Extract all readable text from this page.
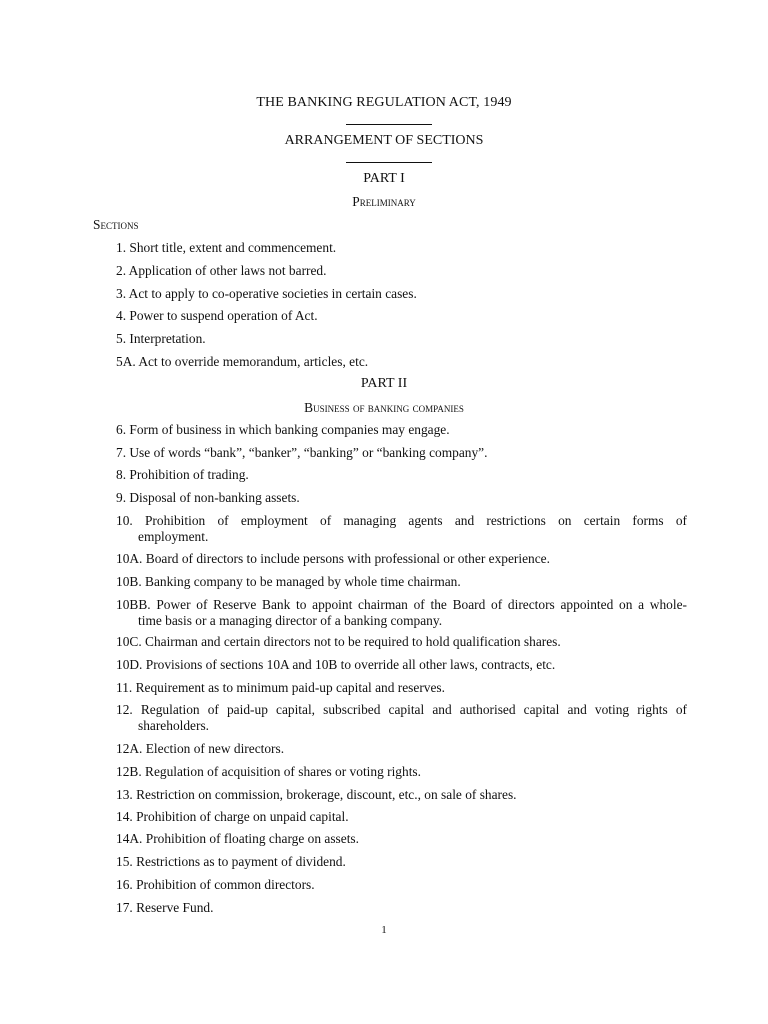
THE BANKING REGULATION ACT, 1949
ARRANGEMENT OF SECTIONS
PART I
Preliminary
Sections
1. Short title, extent and commencement.
2. Application of other laws not barred.
3. Act to apply to co-operative societies in certain cases.
4. Power to suspend operation of Act.
5. Interpretation.
5A. Act to override memorandum, articles, etc.
6. Form of business in which banking companies may engage.
7. Use of words “bank”, “banker”, “banking” or “banking company”.
8. Prohibition of trading.
9. Disposal of non-banking assets.
10. Prohibition of employment of managing agents and restrictions on certain forms of
employment.
10A. Board of directors to include persons with professional or other experience.
10B. Banking company to be managed by whole time chairman.
10BB. Power of Reserve Bank to appoint chairman of the Board of directors appointed on a whole-
time basis or a managing director of a banking company.
10C. Chairman and certain directors not to be required to hold qualification shares.
10D. Provisions of sections 10A and 10B to override all other laws, contracts, etc.
11. Requirement as to minimum paid-up capital and reserves.
12. Regulation of paid-up capital, subscribed capital and authorised capital and voting rights of
shareholders.
12A. Election of new directors.
12B. Regulation of acquisition of shares or voting rights.
13. Restriction on commission, brokerage, discount, etc., on sale of shares.
14. Prohibition of charge on unpaid capital.
14A. Prohibition of floating charge on assets.
15. Restrictions as to payment of dividend.
16. Prohibition of common directors.
17. Reserve Fund.
PART II
Business of banking companies
1
